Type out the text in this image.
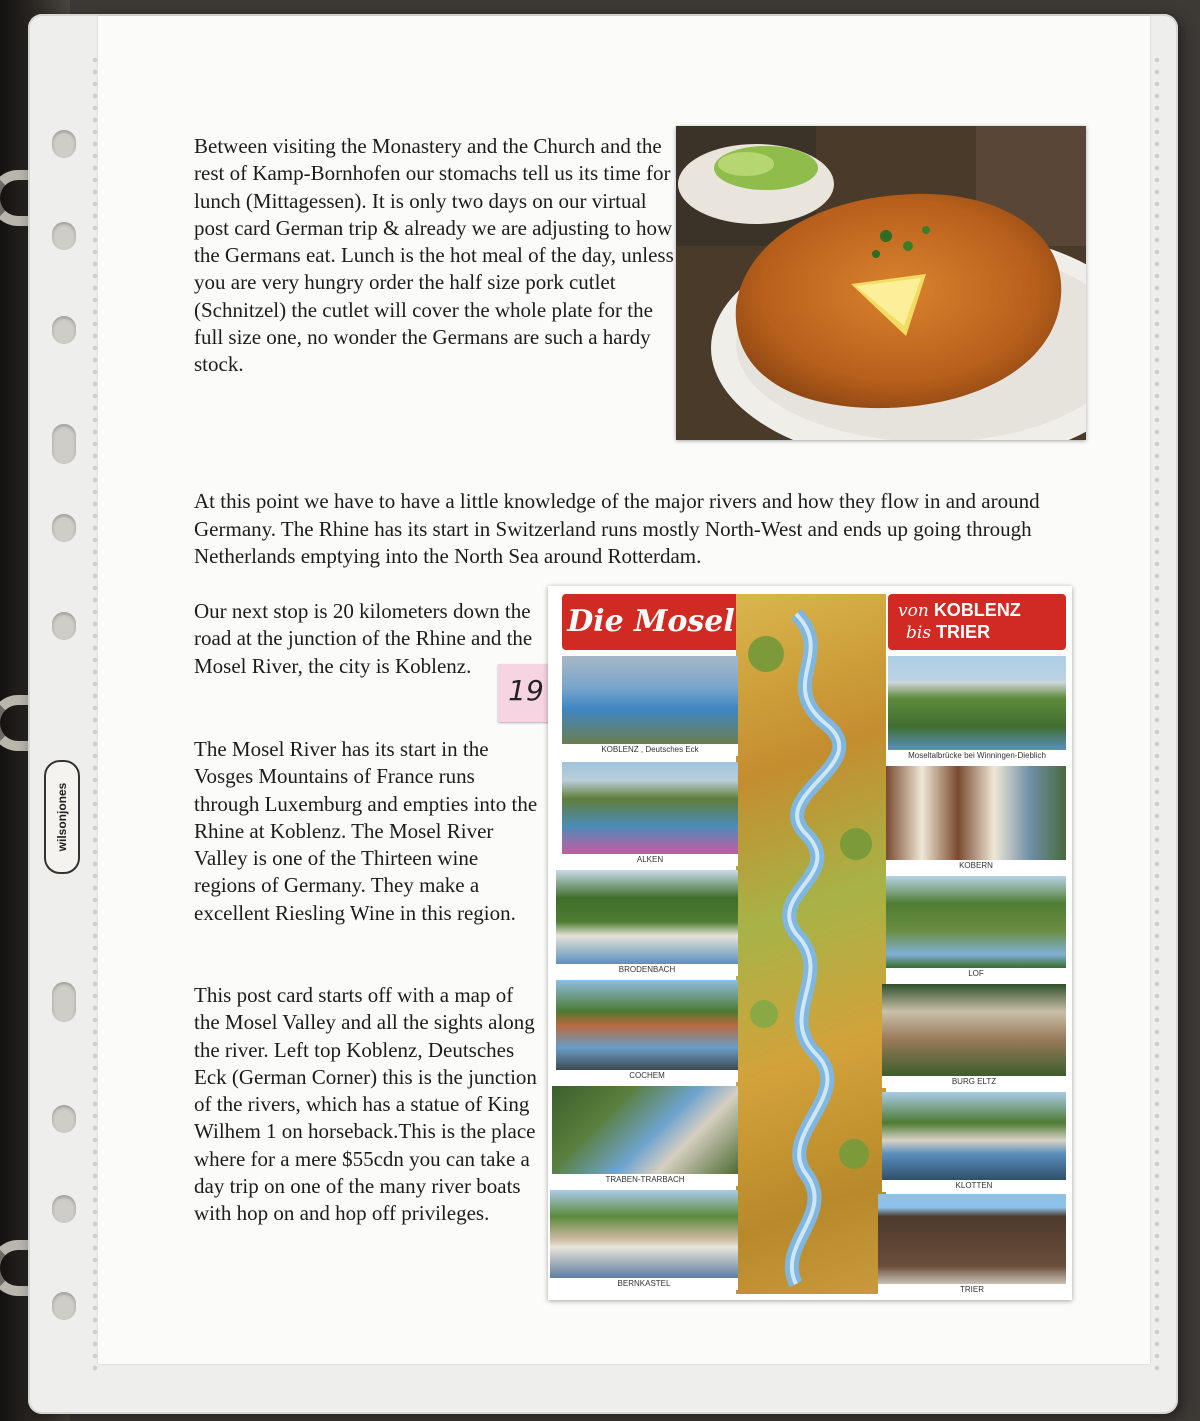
wilsonjones

Between visiting the Monastery and the Church and the rest of Kamp-Bornhofen our stomachs tell us its time for lunch (Mittagessen). It is only two days on our virtual post card German trip & already we are adjusting to how the Germans eat. Lunch is the hot meal of the day, unless you are very hungry order the half size pork cutlet (Schnitzel) the cutlet will cover the whole plate for the full size one, no wonder the Germans are such a hardy stock.

At this point we have to have a little knowledge of the major rivers and how they flow in and around Germany. The Rhine has its start in Switzerland runs mostly North-West and ends up going through Netherlands emptying into the North Sea around Rotterdam.

Our next stop is 20 kilometers down the road at the junction of the Rhine and the Mosel River, the city is Koblenz.

19

The Mosel River has its start in the Vosges Mountains of France runs through Luxemburg and empties into the Rhine at Koblenz. The Mosel River Valley is one of the Thirteen wine regions of Germany. They make a excellent Riesling Wine in this region.

This post card starts off with a map of the Mosel Valley and all the sights along the river. Left top Koblenz, Deutsches Eck (German Corner) this is the junction of the rivers, which has a statue of King Wilhem 1 on horseback.This is the place where for a mere $55cdn you can take a day trip on one of the many river boats with hop on and hop off privileges.

Die Mosel	von KOBLENZ
bis TRIER
KOBLENZ , Deutsches Eck
ALKEN
BRODENBACH
COCHEM
TRABEN-TRARBACH
BERNKASTEL
Moseltalbrücke bei Winningen-Dieblich
KOBERN
LOF
BURG ELTZ
KLOTTEN
TRIER
